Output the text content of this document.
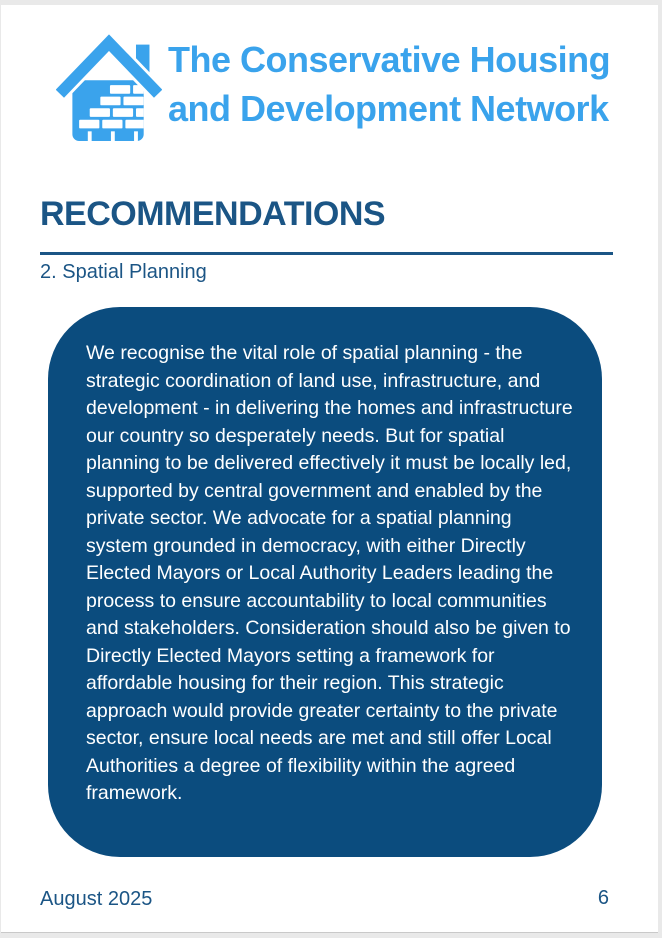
The Conservative Housing
and Development Network
RECOMMENDATIONS
2. Spatial Planning

We recognise the vital role of spatial planning - the strategic coordination of land use, infrastructure, and development - in delivering the homes and infrastructure our country so desperately needs. But for spatial planning to be delivered effectively it must be locally led, supported by central government and enabled by the private sector. We advocate for a spatial planning system grounded in democracy, with either Directly Elected Mayors or Local Authority Leaders leading the process to ensure accountability to local communities and stakeholders. Consideration should also be given to Directly Elected Mayors setting a framework for affordable housing for their region. This strategic approach would provide greater certainty to the private sector, ensure local needs are met and still offer Local Authorities a degree of flexibility within the agreed framework.

August 2025	6
